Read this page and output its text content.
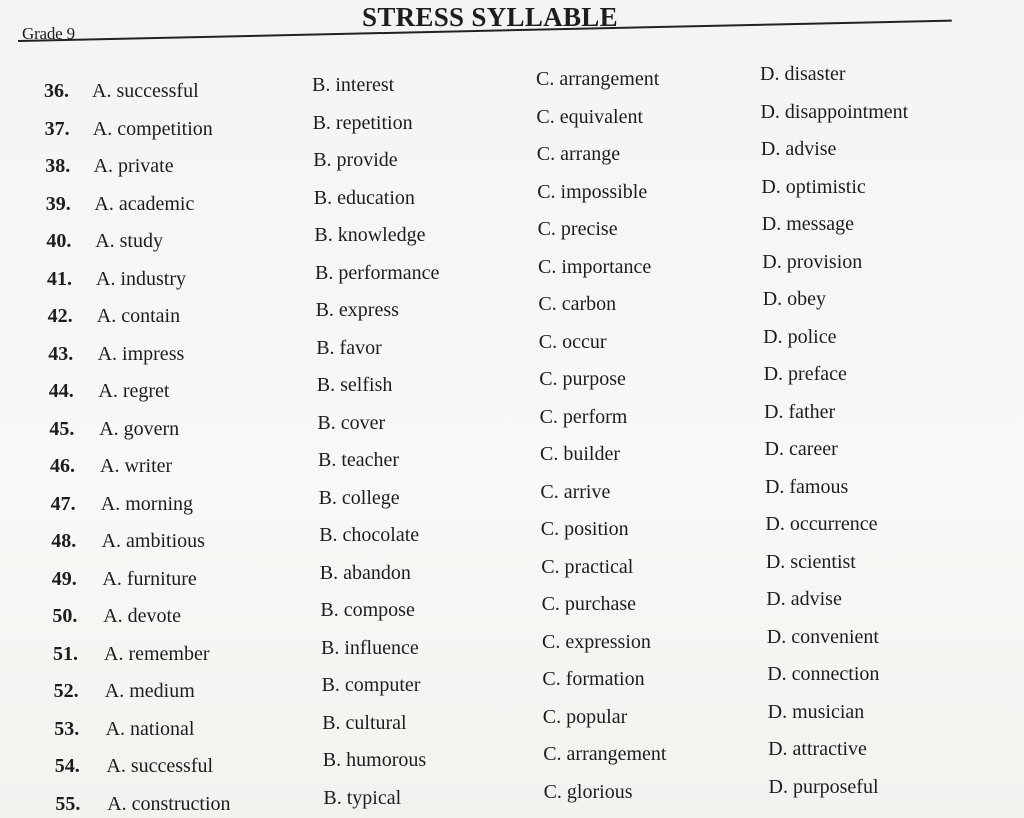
Grade 9
STRESS SYLLABLE
36. A. successful	B. interest	C. arrangement	D. disaster
37. A. competition	B. repetition	C. equivalent	D. disappointment
38. A. private	B. provide	C. arrange	D. advise
39. A. academic	B. education	C. impossible	D. optimistic
40. A. study	B. knowledge	C. precise	D. message
41. A. industry	B. performance	C. importance	D. provision
42. A. contain	B. express	C. carbon	D. obey
43. A. impress	B. favor	C. occur	D. police
44. A. regret	B. selfish	C. purpose	D. preface
45. A. govern	B. cover	C. perform	D. father
46. A. writer	B. teacher	C. builder	D. career
47. A. morning	B. college	C. arrive	D. famous
48. A. ambitious	B. chocolate	C. position	D. occurrence
49. A. furniture	B. abandon	C. practical	D. scientist
50. A. devote	B. compose	C. purchase	D. advise
51. A. remember	B. influence	C. expression	D. convenient
52. A. medium	B. computer	C. formation	D. connection
53. A. national	B. cultural	C. popular	D. musician
54. A. successful	B. humorous	C. arrangement	D. attractive
55. A. construction	B. typical	C. glorious	D. purposeful
